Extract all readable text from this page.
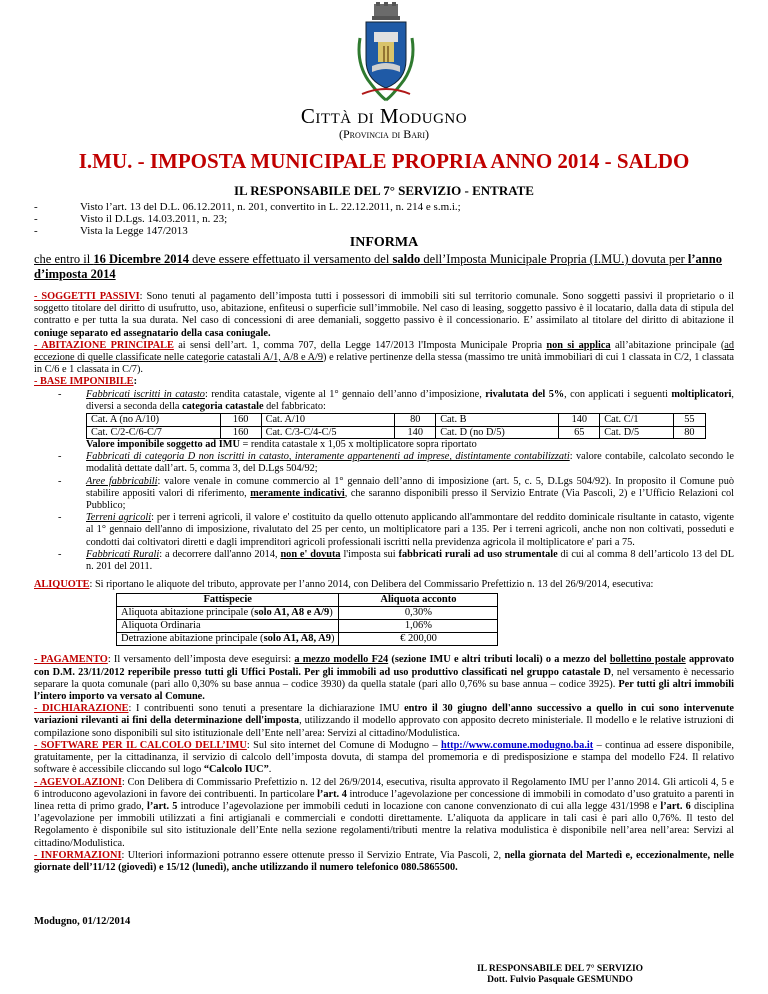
Città di Modugno
(Provincia di Bari)
I.MU. - IMPOSTA MUNICIPALE PROPRIA ANNO 2014 - SALDO
IL RESPONSABILE DEL 7° SERVIZIO - ENTRATE
- Visto l’art. 13 del D.L. 06.12.2011, n. 201, convertito in L. 22.12.2011, n. 214 e s.m.i.;
- Visto il D.Lgs. 14.03.2011, n. 23;
- Vista la Legge 147/2013
INFORMA
che entro il 16 Dicembre 2014 deve essere effettuato il versamento del saldo dell’Imposta Municipale Propria (I.MU.) dovuta per l’anno d’imposta 2014

- SOGGETTI PASSIVI: Sono tenuti al pagamento dell’imposta tutti i possessori di immobili siti sul territorio comunale. Sono soggetti passivi il proprietario o il soggetto titolare del diritto di usufrutto, uso, abitazione, enfiteusi o superficie sull’immobile. Nel caso di leasing, soggetto passivo è il locatario, dalla data di stipula del contratto e per tutta la sua durata. Nel caso di concessioni di aree demaniali, soggetto passivo è il concessionario. E’ assimilato al titolare del diritto di abitazione il coniuge separato ed assegnatario della casa coniugale.

- ABITAZIONE PRINCIPALE ai sensi dell’art. 1, comma 707, della Legge 147/2013 l'Imposta Municipale Propria non si applica all’abitazione principale (ad eccezione di quelle classificate nelle categorie catastali A/1, A/8 e A/9) e relative pertinenze della stessa (massimo tre unità immobiliari di cui 1 classata in C/2, 1 classata in C/6 e 1 classata in C/7).

- BASE IMPONIBILE:

- Fabbricati iscritti in catasto: rendita catastale, vigente al 1° gennaio dell’anno d’imposizione, rivalutata del 5%, con applicati i seguenti moltiplicatori, diversi a seconda della categoria catastale del fabbricato:

Cat. A (no A/10)	160	Cat. A/10	80	Cat. B	140	Cat. C/1	55
Cat. C/2-C/6-C/7	160	Cat. C/3-C/4-C/5	140	Cat. D (no D/5)	65	Cat. D/5	80

Valore imponibile soggetto ad IMU = rendita catastale x 1,05 x moltiplicatore sopra riportato

- Fabbricati di categoria D non iscritti in catasto, interamente appartenenti ad imprese, distintamente contabilizzati: valore contabile, calcolato secondo le modalità dettate dall’art. 5, comma 3, del D.Lgs 504/92;

- Aree fabbricabili: valore venale in comune commercio al 1° gennaio dell’anno di imposizione (art. 5, c. 5, D.Lgs 504/92). In proposito il Comune può stabilire appositi valori di riferimento, meramente indicativi, che saranno disponibili presso il Servizio Entrate (Via Pascoli, 2) e l’Ufficio Relazioni col Pubblico;

- Terreni agricoli: per i terreni agricoli, il valore e' costituito da quello ottenuto applicando all'ammontare del reddito dominicale risultante in catasto, vigente al 1° gennaio dell'anno di imposizione, rivalutato del 25 per cento, un moltiplicatore pari a 135. Per i terreni agricoli, anche non non coltivati, posseduti e condotti dai coltivatori diretti e dagli imprenditori agricoli professionali iscritti nella previdenza agricola il moltiplicatore e' pari a 75.

- Fabbricati Rurali: a decorrere dall'anno 2014, non e' dovuta l'imposta sui fabbricati rurali ad uso strumentale di cui al comma 8 dell’articolo 13 del DL n. 201 del 2011.

ALIQUOTE: Si riportano le aliquote del tributo, approvate per l’anno 2014, con Delibera del Commissario Prefettizio n. 13 del 26/9/2014, esecutiva:

Fattispecie	Aliquota acconto
Aliquota abitazione principale (solo A1, A8 e A/9)	0,30%
Aliquota Ordinaria	1,06%
Detrazione abitazione principale (solo A1, A8, A9)	€ 200,00

- PAGAMENTO: Il versamento dell’imposta deve eseguirsi: a mezzo modello F24 (sezione IMU e altri tributi locali) o a mezzo del bollettino postale approvato con D.M. 23/11/2012 reperibile presso tutti gli Uffici Postali. Per gli immobili ad uso produttivo classificati nel gruppo catastale D, nel versamento è necessario separare la quota comunale (pari allo 0,30% su base annua – codice 3930) da quella statale (pari allo 0,76% su base annua – codice 3925). Per tutti gli altri immobili l’intero importo va versato al Comune.

- DICHIARAZIONE: I contribuenti sono tenuti a presentare la dichiarazione IMU entro il 30 giugno dell'anno successivo a quello in cui sono intervenute variazioni rilevanti ai fini della determinazione dell'imposta, utilizzando il modello approvato con apposito decreto ministeriale. Il modello e le relative istruzioni di compilazione sono disponibili sul sito istituzionale dell’Ente nell’area: Servizi al cittadino/Modulistica.

- SOFTWARE PER IL CALCOLO DELL’IMU: Sul sito internet del Comune di Modugno – http://www.comune.modugno.ba.it – continua ad essere disponibile, gratuitamente, per la cittadinanza, il servizio di calcolo dell’imposta dovuta, di stampa del promemoria e di predisposizione e stampa del modello F24. Il relativo software è accessibile cliccando sul logo “Calcolo IUC”.

- AGEVOLAZIONI: Con Delibera di Commissario Prefettizio n. 12 del 26/9/2014, esecutiva, risulta approvato il Regolamento IMU per l’anno 2014. Gli articoli 4, 5 e 6 introducono agevolazioni in favore dei contribuenti. In particolare l’art. 4 introduce l’agevolazione per concessione di immobili in comodato d’uso gratuito a parenti in linea retta di primo grado, l’art. 5 introduce l’agevolazione per immobili ceduti in locazione con canone convenzionato di cui alla legge 431/1998 e l’art. 6 disciplina l’agevolazione per immobili utilizzati a fini artigianali e commerciali e condotti direttamente. L’aliquota da applicare in tali casi è pari allo 0,76%. Il testo del Regolamento è disponibile sul sito istituzionale dell’Ente nella sezione regolamenti/tributi mentre la relativa modulistica è disponibile nell’area nell’area: Servizi al cittadino/Modulistica.

- INFORMAZIONI: Ulteriori informazioni potranno essere ottenute presso il Servizio Entrate, Via Pascoli, 2, nella giornata del Martedì e, eccezionalmente, nelle giornate dell’11/12 (giovedì) e 15/12 (lunedì), anche utilizzando il numero telefonico 080.5865500.

Modugno, 01/12/2014
IL RESPONSABILE DEL 7° SERVIZIO
Dott. Fulvio Pasquale GESMUNDO
